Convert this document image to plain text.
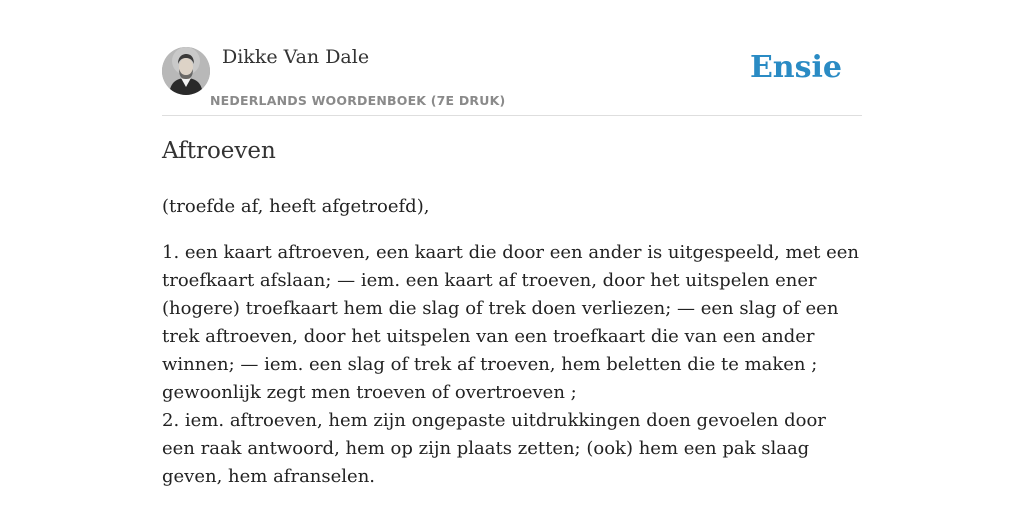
Dikke Van Dale
NEDERLANDS WOORDENBOEK (7E DRUK)
Ensie
Aftroeven

(troefde af, heeft afgetroefd),

1. een kaart aftroeven, een kaart die door een ander is uitgespeeld, met een troefkaart afslaan; — iem. een kaart af troeven, door het uitspelen ener (hogere) troefkaart hem die slag of trek doen verliezen; — een slag of een trek aftroeven, door het uitspelen van een troefkaart die van een ander winnen; — iem. een slag of trek af troeven, hem beletten die te maken ; gewoonlijk zegt men troeven of overtroeven ;

2. iem. aftroeven, hem zijn ongepaste uitdrukkingen doen gevoelen door een raak antwoord, hem op zijn plaats zetten; (ook) hem een pak slaag geven, hem afranselen.
